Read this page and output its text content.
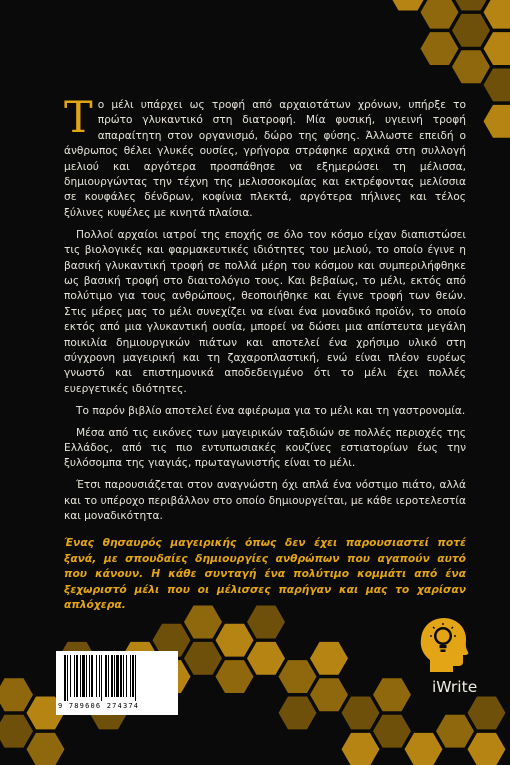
Το μέλι υπάρχει ως τροφή από αρχαιοτάτων χρόνων, υπήρξε το πρώτο γλυκαντικό στη διατροφή. Μία φυσική, υγιεινή τροφή απαραίτητη στον οργανισμό, δώρο της φύσης. Άλλωστε επειδή ο άνθρωπος θέλει γλυκές ουσίες, γρήγορα στράφηκε αρχικά στη συλλογή μελιού και αργότερα προσπάθησε να εξημερώσει τη μέλισσα, δημιουργώντας την τέχνη της μελισσοκομίας και εκτρέφοντας μελίσσια σε κουφάλες δένδρων, κοφίνια πλεκτά, αργότερα πήλινες και τέλος ξύλινες κυψέλες με κινητά πλαίσια.

Πολλοί αρχαίοι ιατροί της εποχής σε όλο τον κόσμο είχαν διαπιστώσει τις βιολογικές και φαρμακευτικές ιδιότητες του μελιού, το οποίο έγινε η βασική γλυκαντική τροφή σε πολλά μέρη του κόσμου και συμπεριλήφθηκε ως βασική τροφή στο διαιτολόγιο τους. Και βεβαίως, το μέλι, εκτός από πολύτιμο για τους ανθρώπους, θεοποιήθηκε και έγινε τροφή των θεών. Στις μέρες μας το μέλι συνεχίζει να είναι ένα μοναδικό προϊόν, το οποίο εκτός από μια γλυκαντική ουσία, μπορεί να δώσει μια απίστευτα μεγάλη ποικιλία δημιουργικών πιάτων και αποτελεί ένα χρήσιμο υλικό στη σύγχρονη μαγειρική και τη ζαχαροπλαστική, ενώ είναι πλέον ευρέως γνωστό και επιστημονικά αποδεδειγμένο ότι το μέλι έχει πολλές ευεργετικές ιδιότητες.

Το παρόν βιβλίο αποτελεί ένα αφιέρωμα για το μέλι και τη γαστρονομία.

Μέσα από τις εικόνες των μαγειρικών ταξιδιών σε πολλές περιοχές της Ελλάδος, από τις πιο εντυπωσιακές κουζίνες εστιατορίων έως την ξυλόσομπα της γιαγιάς, πρωταγωνιστής είναι το μέλι.

Έτσι παρουσιάζεται στον αναγνώστη όχι απλά ένα νόστιμο πιάτο, αλλά και το υπέροχο περιβάλλον στο οποίο δημιουργείται, με κάθε ιεροτελεστία και μοναδικότητα.

Ένας θησαυρός μαγειρικής όπως δεν έχει παρουσιαστεί ποτέ ξανά, με σπουδαίες δημιουργίες ανθρώπων που αγαπούν αυτό που κάνουν. Η κάθε συνταγή ένα πολύτιμο κομμάτι από ένα ξεχωριστό μέλι που οι μέλισσες παρήγαν και μας το χαρίσαν απλόχερα.
9 789606 274374
iWrite
